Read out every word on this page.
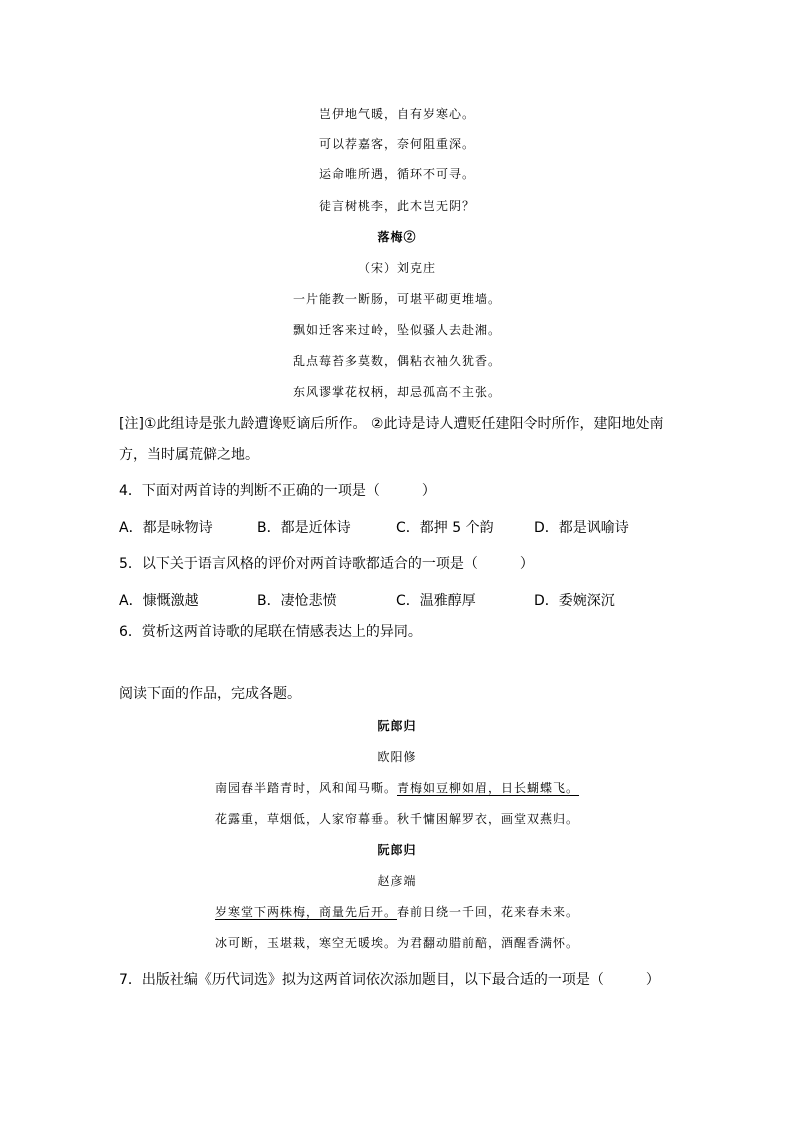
岂伊地气暖，自有岁寒心。
可以荐嘉客，奈何阻重深。
运命唯所遇，循环不可寻。
徒言树桃李，此木岂无阴？
落梅②
（宋）刘克庄
一片能教一断肠，可堪平砌更堆墙。
飘如迁客来过岭，坠似骚人去赴湘。
乱点莓苔多莫数，偶粘衣袖久犹香。
东风谬掌花权柄，却忌孤高不主张。
[注]①此组诗是张九龄遭谗贬谪后所作。 ②此诗是诗人遭贬任建阳令时所作，建阳地处南
方，当时属荒僻之地。
4．下面对两首诗的判断不正确的一项是（　　　）
A．都是咏物诗	B．都是近体诗	C．都押 5 个韵	D．都是讽喻诗
5．以下关于语言风格的评价对两首诗歌都适合的一项是（　　　）
A．慷慨激越	B．凄怆悲愤	C．温雅醇厚	D．委婉深沉
6．赏析这两首诗歌的尾联在情感表达上的异同。
阅读下面的作品，完成各题。
阮郎归
欧阳修
南园春半踏青时，风和闻马嘶。青梅如豆柳如眉，日长蝴蝶飞。
花露重，草烟低，人家帘幕垂。秋千慵困解罗衣，画堂双燕归。
阮郎归
赵彦端
岁寒堂下两株梅，商量先后开。春前日绕一千回，花来春未来。
冰可断，玉堪栽，寒空无暖埃。为君翻动腊前醅，酒醒香满怀。
7．出版社编《历代词选》拟为这两首词依次添加题目，以下最合适的一项是（　　　）
